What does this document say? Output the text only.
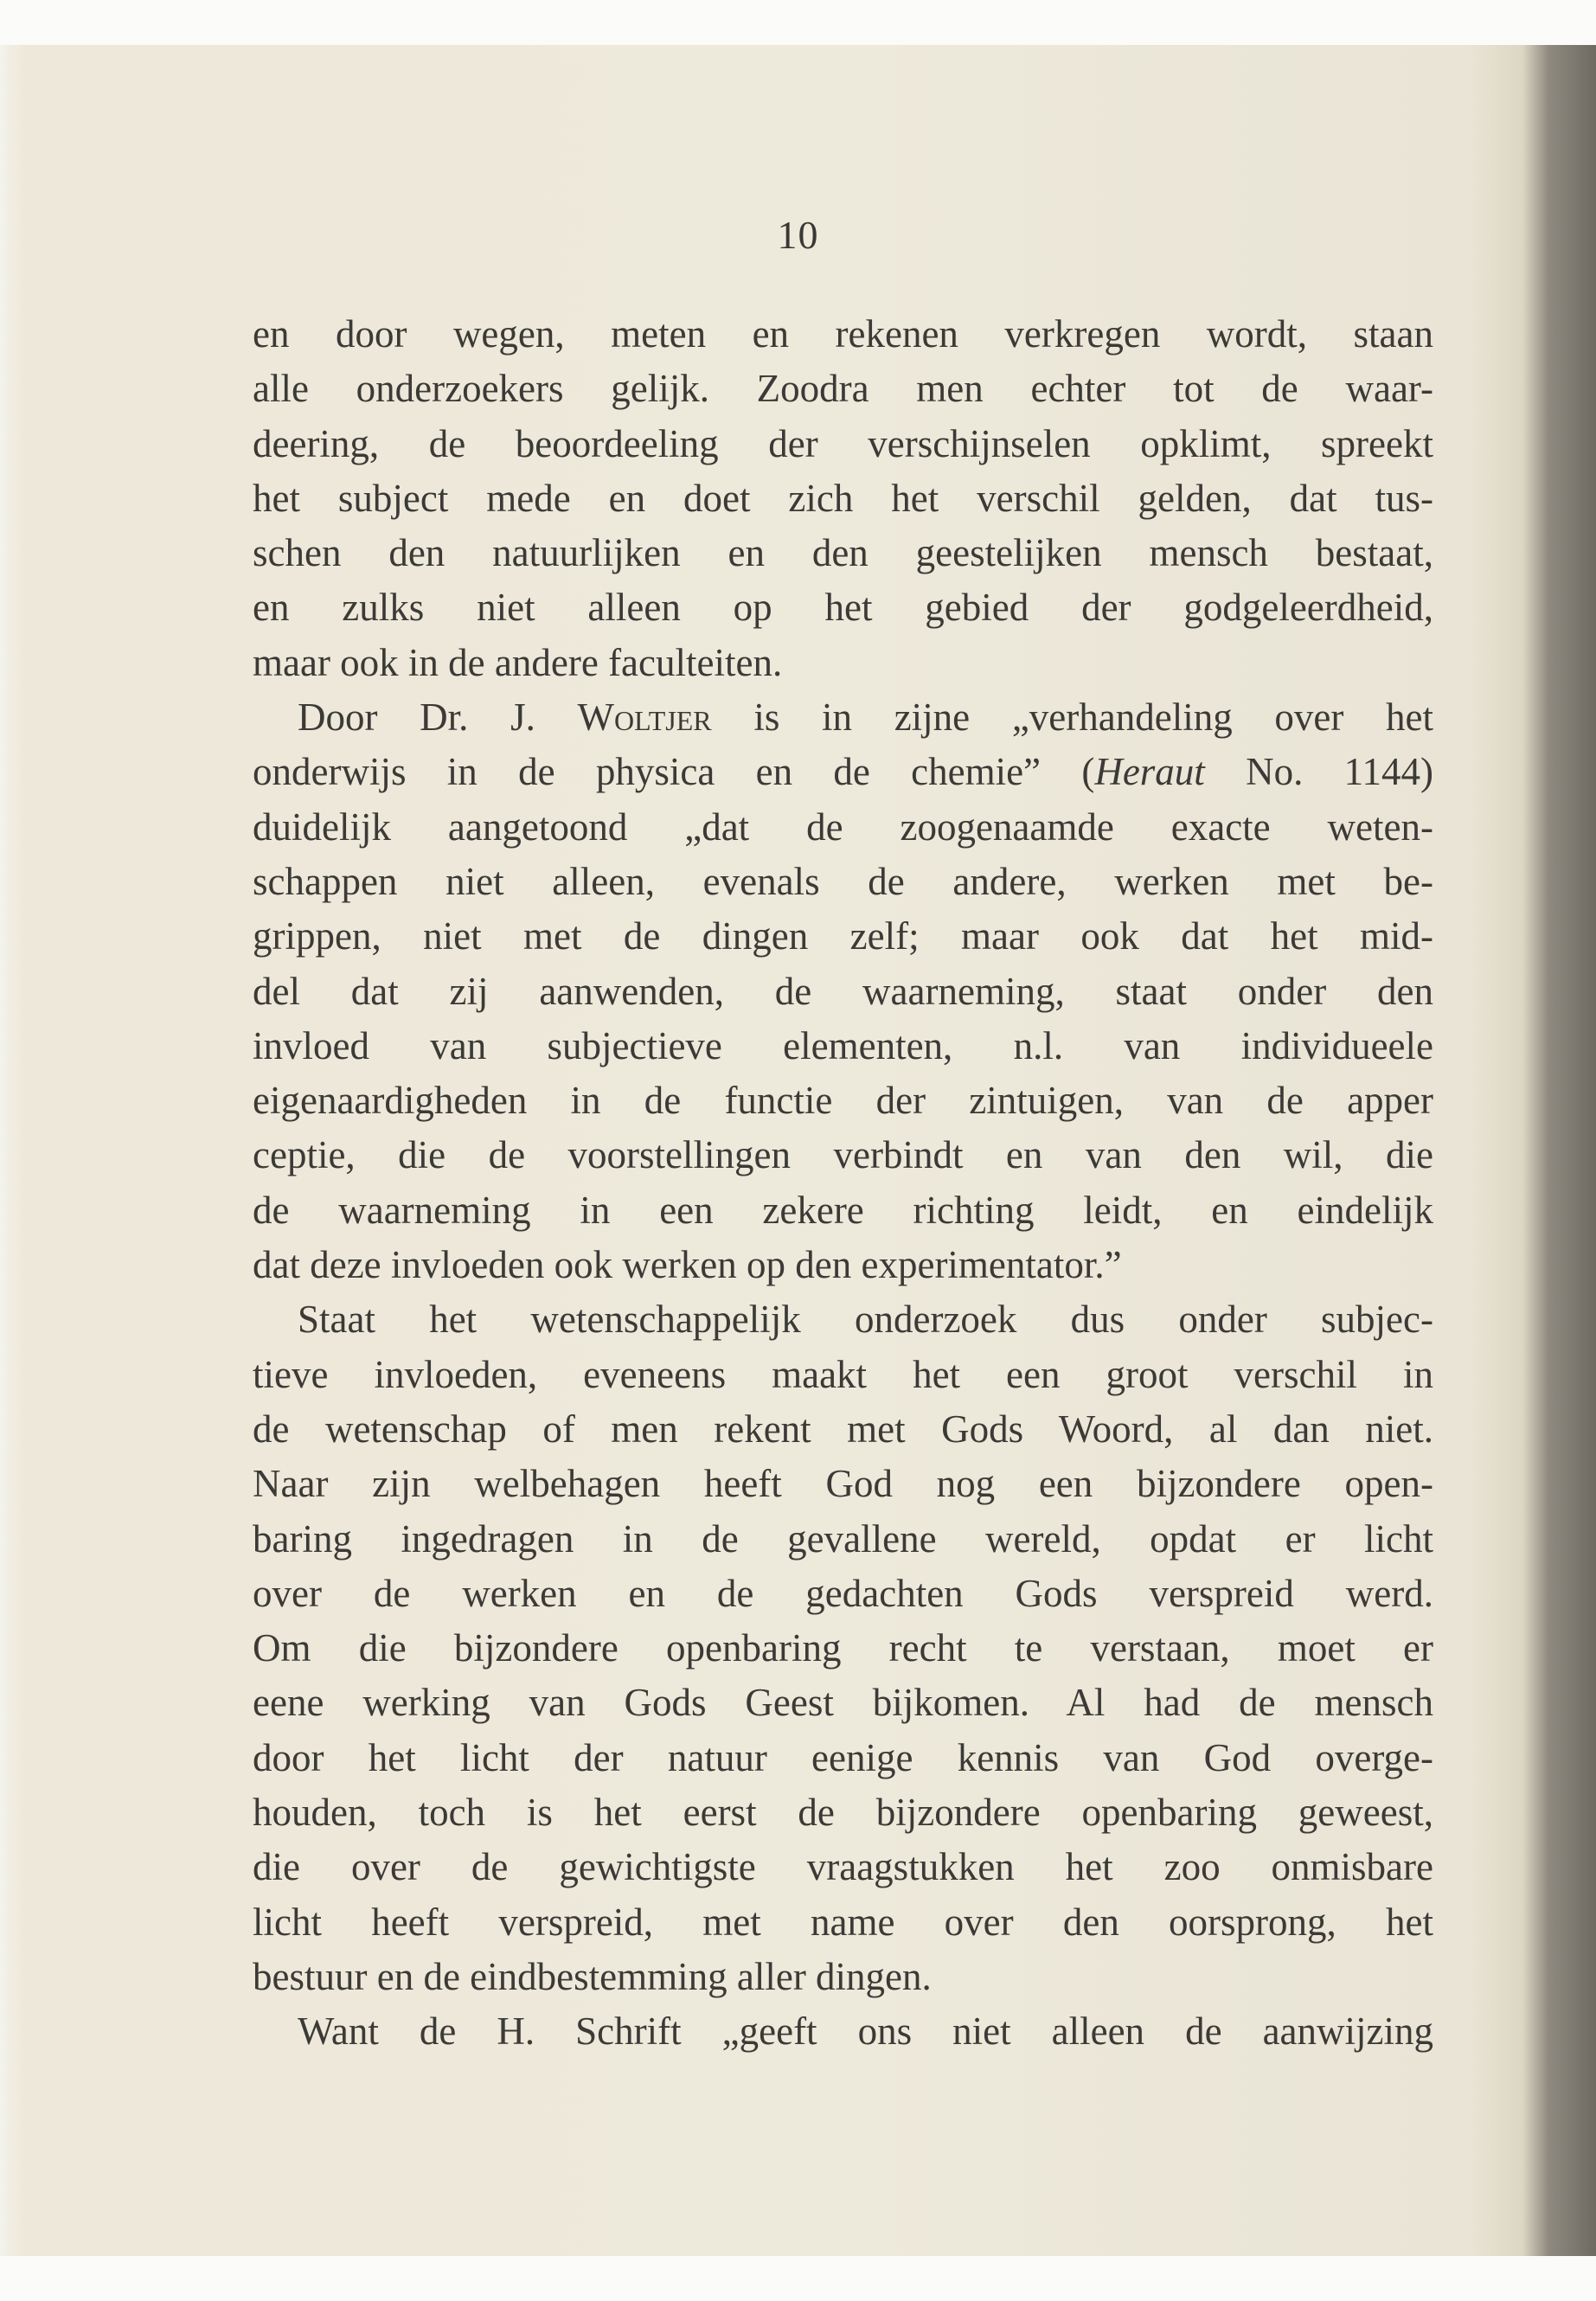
10
en door wegen, meten en rekenen verkregen wordt, staan
alle onderzoekers gelijk. Zoodra men echter tot de waar-
deering, de beoordeeling der verschijnselen opklimt, spreekt
het subject mede en doet zich het verschil gelden, dat tus-
schen den natuurlijken en den geestelijken mensch bestaat,
en zulks niet alleen op het gebied der godgeleerdheid,
maar ook in de andere faculteiten.
Door Dr. J. Woltjer is in zijne „verhandeling over het
onderwijs in de physica en de chemie” (Heraut No. 1144)
duidelijk aangetoond „dat de zoogenaamde exacte weten-
schappen niet alleen, evenals de andere, werken met be-
grippen, niet met de dingen zelf; maar ook dat het mid-
del dat zij aanwenden, de waarneming, staat onder den
invloed van subjectieve elementen, n.l. van individueele
eigenaardigheden in de functie der zintuigen, van de apper
ceptie, die de voorstellingen verbindt en van den wil, die
de waarneming in een zekere richting leidt, en eindelijk
dat deze invloeden ook werken op den experimentator.”
Staat het wetenschappelijk onderzoek dus onder subjec-
tieve invloeden, eveneens maakt het een groot verschil in
de wetenschap of men rekent met Gods Woord, al dan niet.
Naar zijn welbehagen heeft God nog een bijzondere open-
baring ingedragen in de gevallene wereld, opdat er licht
over de werken en de gedachten Gods verspreid werd.
Om die bijzondere openbaring recht te verstaan, moet er
eene werking van Gods Geest bijkomen. Al had de mensch
door het licht der natuur eenige kennis van God overge-
houden, toch is het eerst de bijzondere openbaring geweest,
die over de gewichtigste vraagstukken het zoo onmisbare
licht heeft verspreid, met name over den oorsprong, het
bestuur en de eindbestemming aller dingen.
Want de H. Schrift „geeft ons niet alleen de aanwijzing
